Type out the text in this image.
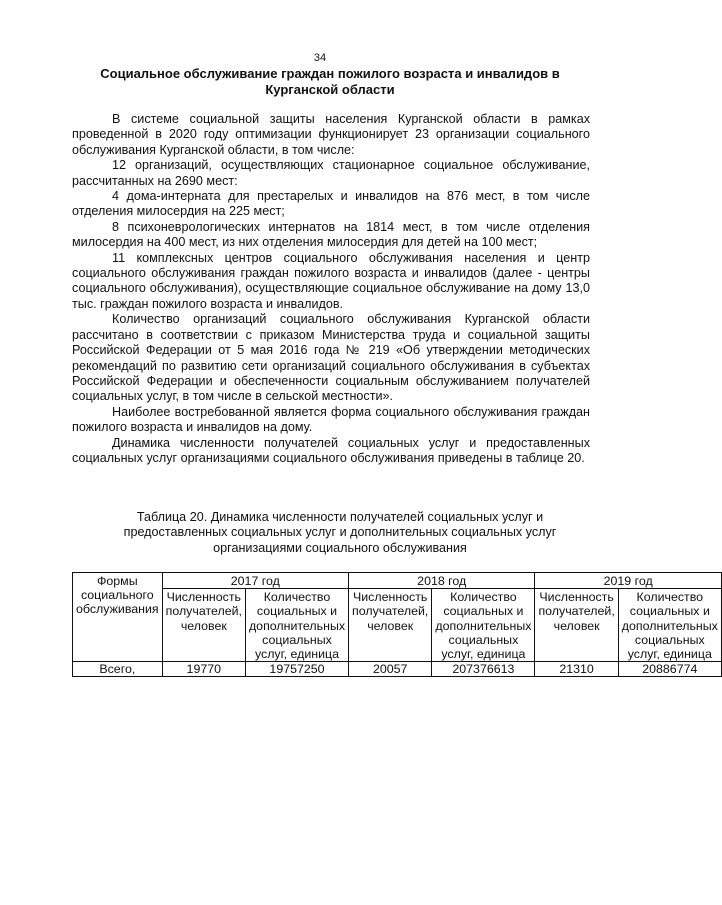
34
Социальное обслуживание граждан пожилого возраста и инвалидов в Курганской области

В системе социальной защиты населения Курганской области в рамках проведенной в 2020 году оптимизации функционирует 23 организации социального обслуживания Курганской области, в том числе:

12 организаций, осуществляющих стационарное социальное обслуживание, рассчитанных на 2690 мест:

4 дома-интерната для престарелых и инвалидов на 876 мест, в том числе отделения милосердия на 225 мест;

8 психоневрологических интернатов на 1814 мест, в том числе отделения милосердия на 400 мест, из них отделения милосердия для детей на 100 мест;

11 комплексных центров социального обслуживания населения и центр социального обслуживания граждан пожилого возраста и инвалидов (далее - центры социального обслуживания), осуществляющие социальное обслуживание на дому 13,0 тыс. граждан пожилого возраста и инвалидов.

Количество организаций социального обслуживания Курганской области рассчитано в соответствии с приказом Министерства труда и социальной защиты Российской Федерации от 5 мая 2016 года № 219 «Об утверждении методических рекомендаций по развитию сети организаций социального обслуживания в субъектах Российской Федерации и обеспеченности социальным обслуживанием получателей социальных услуг, в том числе в сельской местности».

Наиболее востребованной является форма социального обслуживания граждан пожилого возраста и инвалидов на дому.

Динамика численности получателей социальных услуг и предоставленных социальных услуг организациями социального обслуживания приведены в таблице 20.

Таблица 20. Динамика численности получателей социальных услуг и предоставленных социальных услуг и дополнительных социальных услуг организациями социального обслуживания
Формы социального обслуживания	2017 год		2018 год		2019 год	
	Численность получателей, человек	Количество социальных и дополнительных социальных услуг, единица	Численность получателей, человек	Количество социальных и дополнительных социальных услуг, единица	Численность получателей, человек	Количество социальных и дополнительных социальных услуг, единица
Всего,	19770	19757250	20057	207376613	21310	20886774
